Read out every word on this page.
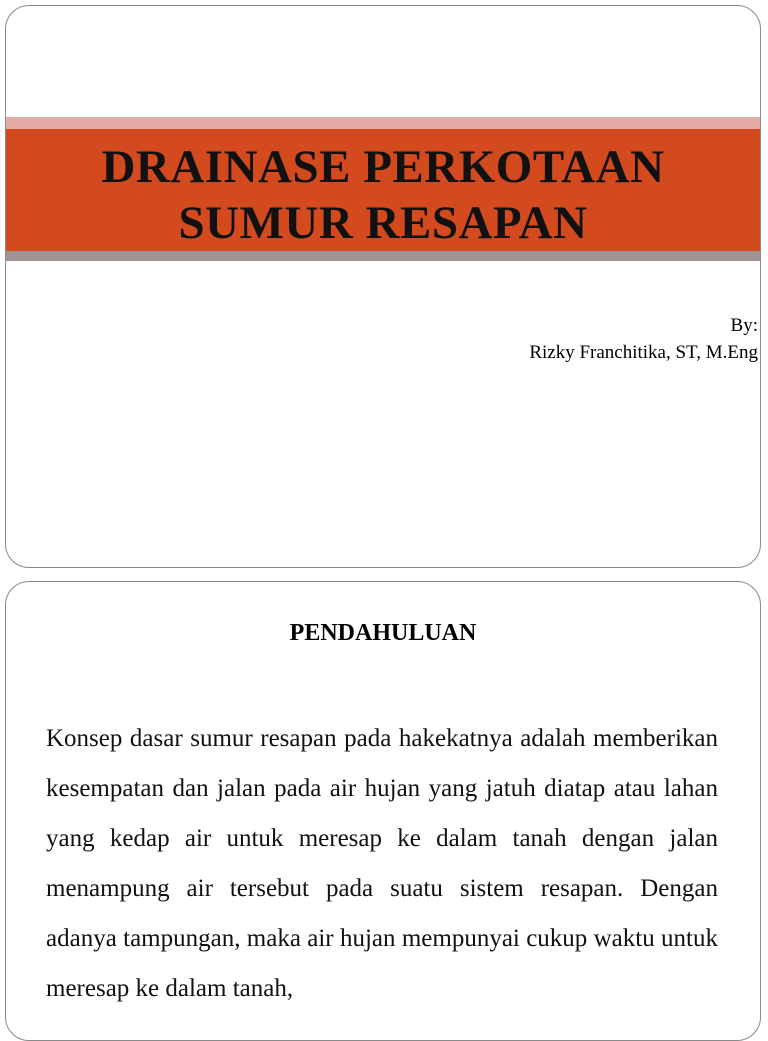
DRAINASE PERKOTAAN
SUMUR RESAPAN
By:
Rizky Franchitika, ST, M.Eng
PENDAHULUAN
Konsep dasar sumur resapan pada hakekatnya adalah memberikan kesempatan dan jalan pada air hujan yang jatuh diatap atau lahan yang kedap air untuk meresap ke dalam tanah dengan jalan menampung air tersebut pada suatu sistem resapan. Dengan adanya tampungan, maka air hujan mempunyai cukup waktu untuk meresap ke dalam tanah,
